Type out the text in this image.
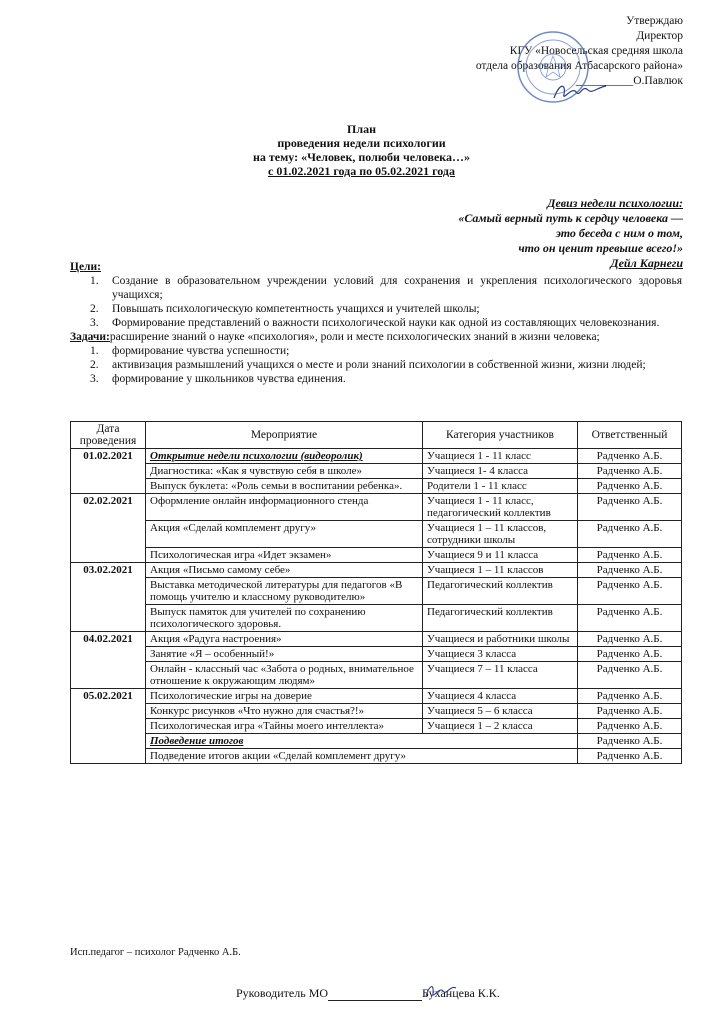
Утверждаю
Директор
КГУ «Новосельская средняя школа
отдела образования Атбасарского района»
__________О.Павлюк
План
проведения недели психологии
на тему: «Человек, полюби человека…»
с 01.02.2021 года по 05.02.2021 года
Девиз недели психологии:
«Самый верный путь к сердцу человека —
это беседа с ним о том,
что он ценит превыше всего!»
Дейл Карнеги
Цели:
1. Создание в образовательном учреждении условий для сохранения и укрепления психологического здоровья учащихся;
2. Повышать психологическую компетентность учащихся и учителей школы;
3. Формирование представлений о важности психологической науки как одной из составляющих человекознания.
Задачи:расширение знаний о науке «психология», роли и месте психологических знаний в жизни человека;
1. формирование чувства успешности;
2. активизация размышлений учащихся о месте и роли знаний психологии в собственной жизни, жизни людей;
3. формирование у школьников чувства единения.
Дата проведения	Мероприятие	Категория участников	Ответственный
01.02.2021	Открытие недели психологии (видеоролик)	Учащиеся 1 - 11 класс	Радченко А.Б.
	Диагностика: «Как я чувствую себя в школе»	Учащиеся 1- 4 класса	Радченко А.Б.
	Выпуск буклета: «Роль семьи в воспитании ребенка».	Родители 1 - 11 класс	Радченко А.Б.
02.02.2021	Оформление онлайн информационного стенда	Учащиеся 1 - 11 класс, педагогический коллектив	Радченко А.Б.
	Акция «Сделай комплемент другу»	Учащиеся 1 – 11 классов, сотрудники школы	Радченко А.Б.
	Психологическая игра «Идет экзамен»	Учащиеся 9 и 11 класса	Радченко А.Б.
03.02.2021	Акция «Письмо самому себе»	Учащиеся 1 – 11 классов	Радченко А.Б.
	Выставка методической литературы для педагогов «В помощь учителю и классному руководителю»	Педагогический коллектив	Радченко А.Б.
	Выпуск памяток для учителей по сохранению психологического здоровья.	Педагогический коллектив	Радченко А.Б.
04.02.2021	Акция «Радуга настроения»	Учащиеся и работники школы	Радченко А.Б.
	Занятие «Я – особенный!»	Учащиеся 3 класса	Радченко А.Б.
	Онлайн - классный час «Забота о родных, внимательное отношение к окружающим людям»	Учащиеся 7 – 11 класса	Радченко А.Б.
05.02.2021	Психологические игры на доверие	Учащиеся 4 класса	Радченко А.Б.
	Конкурс рисунков «Что нужно для счастья?!»	Учащиеся 5 – 6 класса	Радченко А.Б.
	Психологическая игра «Тайны моего интеллекта»	Учащиеся 1 – 2 класса	Радченко А.Б.
	Подведение итогов		Радченко А.Б.
	Подведение итогов акции «Сделай комплемент другу»		Радченко А.Б.
Исп.педагог – психолог Радченко А.Б.
Руководитель МО	Буханцева К.К.
